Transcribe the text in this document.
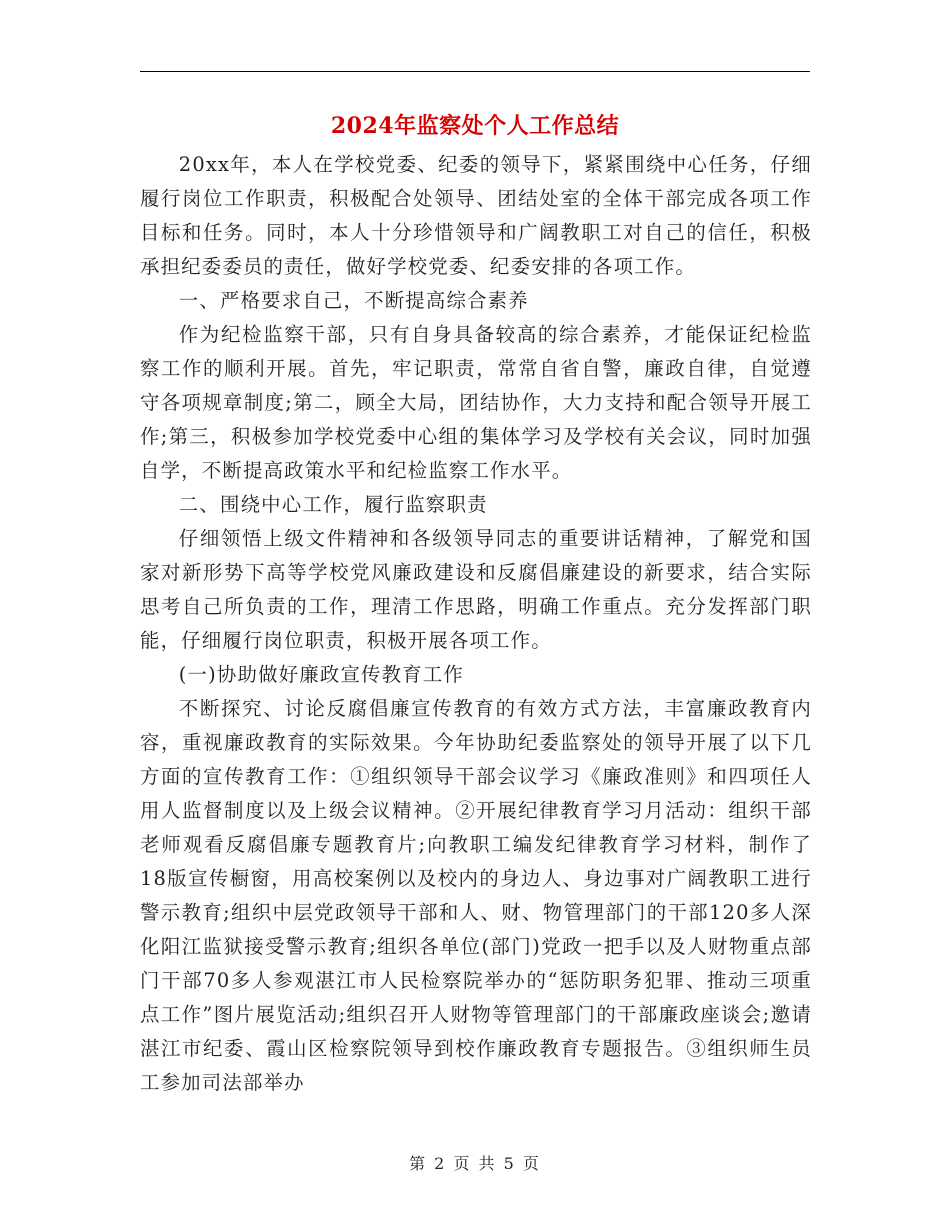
2024年监察处个人工作总结

20xx年，本人在学校党委、纪委的领导下，紧紧围绕中心任务，仔细履行岗位工作职责，积极配合处领导、团结处室的全体干部完成各项工作目标和任务。同时，本人十分珍惜领导和广阔教职工对自己的信任，积极承担纪委委员的责任，做好学校党委、纪委安排的各项工作。

一、严格要求自己，不断提高综合素养

作为纪检监察干部，只有自身具备较高的综合素养，才能保证纪检监察工作的顺利开展。首先，牢记职责，常常自省自警，廉政自律，自觉遵守各项规章制度;第二，顾全大局，团结协作，大力支持和配合领导开展工作;第三，积极参加学校党委中心组的集体学习及学校有关会议，同时加强自学，不断提高政策水平和纪检监察工作水平。

二、围绕中心工作，履行监察职责

仔细领悟上级文件精神和各级领导同志的重要讲话精神，了解党和国家对新形势下高等学校党风廉政建设和反腐倡廉建设的新要求，结合实际思考自己所负责的工作，理清工作思路，明确工作重点。充分发挥部门职能，仔细履行岗位职责，积极开展各项工作。

(一)协助做好廉政宣传教育工作

不断探究、讨论反腐倡廉宣传教育的有效方式方法，丰富廉政教育内容，重视廉政教育的实际效果。今年协助纪委监察处的领导开展了以下几方面的宣传教育工作：①组织领导干部会议学习《廉政准则》和四项任人用人监督制度以及上级会议精神。②开展纪律教育学习月活动：组织干部老师观看反腐倡廉专题教育片;向教职工编发纪律教育学习材料，制作了18版宣传橱窗，用高校案例以及校内的身边人、身边事对广阔教职工进行警示教育;组织中层党政领导干部和人、财、物管理部门的干部120多人深化阳江监狱接受警示教育;组织各单位(部门)党政一把手以及人财物重点部门干部70多人参观湛江市人民检察院举办的“惩防职务犯罪、推动三项重点工作”图片展览活动;组织召开人财物等管理部门的干部廉政座谈会;邀请湛江市纪委、霞山区检察院领导到校作廉政教育专题报告。③组织师生员工参加司法部举办

第 2 页 共 5 页
